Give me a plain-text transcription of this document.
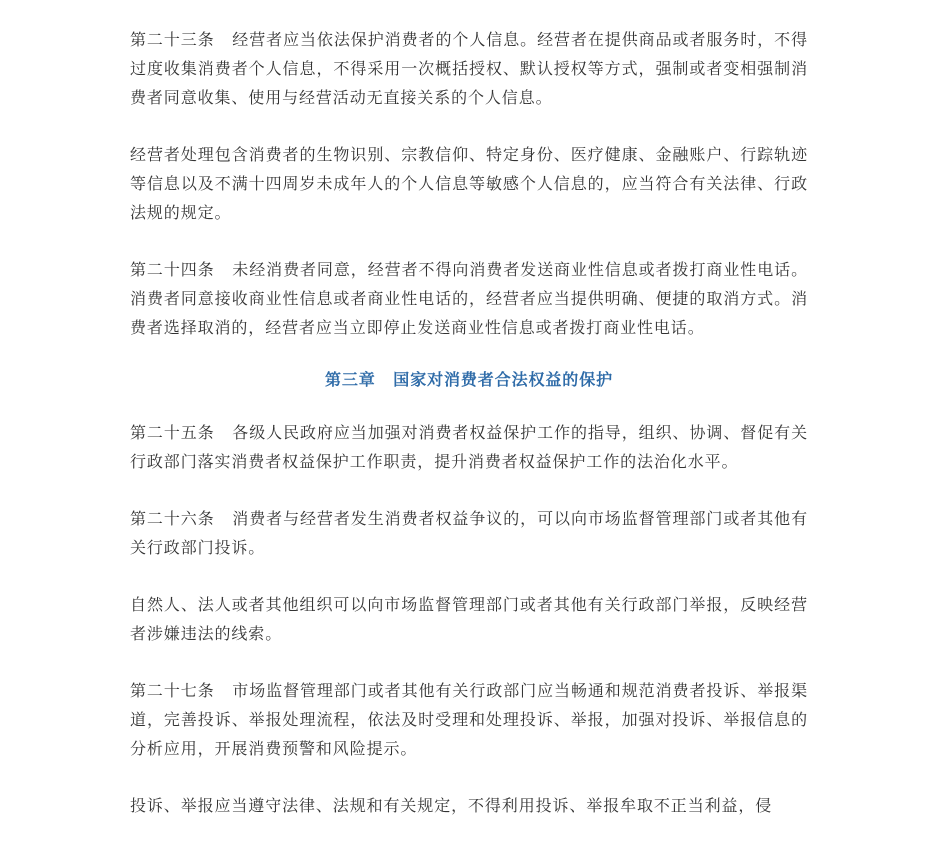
第二十三条 经营者应当依法保护消费者的个人信息。经营者在提供商品或者服务时，不得过度收集消费者个人信息，不得采用一次概括授权、默认授权等方式，强制或者变相强制消费者同意收集、使用与经营活动无直接关系的个人信息。

经营者处理包含消费者的生物识别、宗教信仰、特定身份、医疗健康、金融账户、行踪轨迹等信息以及不满十四周岁未成年人的个人信息等敏感个人信息的，应当符合有关法律、行政法规的规定。

第二十四条 未经消费者同意，经营者不得向消费者发送商业性信息或者拨打商业性电话。消费者同意接收商业性信息或者商业性电话的，经营者应当提供明确、便捷的取消方式。消费者选择取消的，经营者应当立即停止发送商业性信息或者拨打商业性电话。

第三章 国家对消费者合法权益的保护

第二十五条 各级人民政府应当加强对消费者权益保护工作的指导，组织、协调、督促有关行政部门落实消费者权益保护工作职责，提升消费者权益保护工作的法治化水平。

第二十六条 消费者与经营者发生消费者权益争议的，可以向市场监督管理部门或者其他有关行政部门投诉。

自然人、法人或者其他组织可以向市场监督管理部门或者其他有关行政部门举报，反映经营者涉嫌违法的线索。

第二十七条 市场监督管理部门或者其他有关行政部门应当畅通和规范消费者投诉、举报渠道，完善投诉、举报处理流程，依法及时受理和处理投诉、举报，加强对投诉、举报信息的分析应用，开展消费预警和风险提示。

投诉、举报应当遵守法律、法规和有关规定，不得利用投诉、举报牟取不正当利益，侵
